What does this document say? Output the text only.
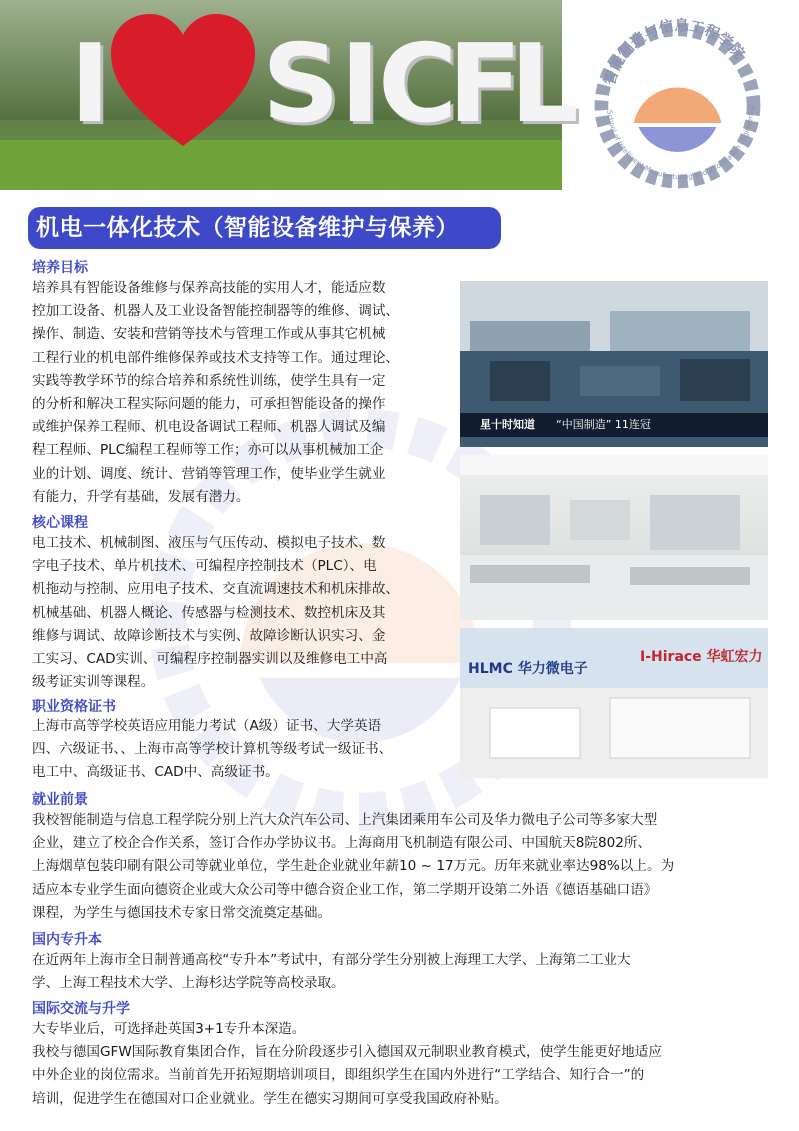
I S I
C
F
L 智能制造与信息工程学院
School of Intelligent Manufacturing and Information Engineering
机电一体化技术（智能设备维护与保养）
培养目标
培养具有智能设备维修与保养高技能的实用人才，能适应数
控加工设备、机器人及工业设备智能控制器等的维修、调试、
操作、制造、安装和营销等技术与管理工作或从事其它机械
工程行业的机电部件维修保养或技术支持等工作。通过理论、
实践等教学环节的综合培养和系统性训练，使学生具有一定
的分析和解决工程实际问题的能力，可承担智能设备的操作
或维护保养工程师、机电设备调试工程师、机器人调试及编
程工程师、PLC编程工程师等工作；亦可以从事机械加工企
业的计划、调度、统计、营销等管理工作，使毕业学生就业
有能力，升学有基础，发展有潜力。
核心课程
电工技术、机械制图、液压与气压传动、模拟电子技术、数
字电子技术、单片机技术、可编程序控制技术（PLC）、电
机拖动与控制、应用电子技术、交直流调速技术和机床排故、
机械基础、机器人概论、传感器与检测技术、数控机床及其
维修与调试、故障诊断技术与实例、故障诊断认识实习、金
工实习、CAD实训、可编程序控制器实训以及维修电工中高
级考证实训等课程。
职业资格证书
上海市高等学校英语应用能力考试（A级）证书、大学英语
四、六级证书、、上海市高等学校计算机等级考试一级证书、
电工中、高级证书、CAD中、高级证书。
就业前景
我校智能制造与信息工程学院分别上汽大众汽车公司、上汽集团乘用车公司及华力微电子公司等多家大型
企业，建立了校企合作关系，签订合作办学协议书。上海商用飞机制造有限公司、中国航天8院802所、
上海烟草包装印刷有限公司等就业单位，学生赴企业就业年薪10 ~ 17万元。历年来就业率达98%以上。为
适应本专业学生面向德资企业或大众公司等中德合资企业工作，第二学期开设第二外语《德语基础口语》
课程，为学生与德国技术专家日常交流奠定基础。
国内专升本
在近两年上海市全日制普通高校“专升本”考试中，有部分学生分别被上海理工大学、上海第二工业大
学、上海工程技术大学、上海杉达学院等高校录取。
国际交流与升学
大专毕业后，可选择赴英国3+1专升本深造。
我校与德国GFW国际教育集团合作，旨在分阶段逐步引入德国双元制职业教育模式，使学生能更好地适应
中外企业的岗位需求。当前首先开拓短期培训项目，即组织学生在国内外进行“工学结合、知行合一”的
培训，促进学生在德国对口企业就业。学生在德实习期间可享受我国政府补贴。
星十时知道 “中国制造” 11连冠
HLMC 华力微电子
I-Hirace 华虹宏力
